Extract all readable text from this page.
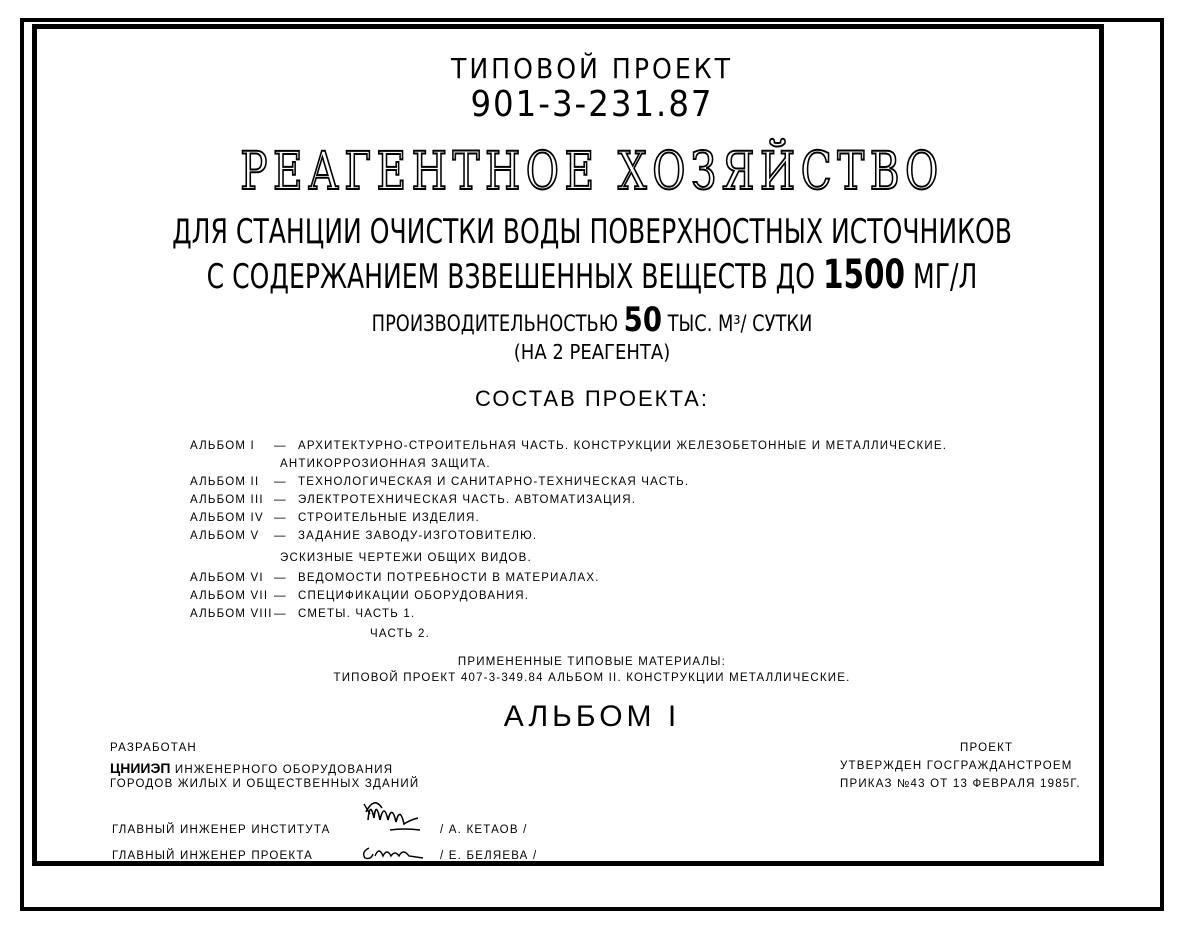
ТИПОВОЙ ПРОЕКТ
901-3-231.87
РЕАГЕНТНОЕ ХОЗЯЙСТВО
ДЛЯ СТАНЦИИ ОЧИСТКИ ВОДЫ ПОВЕРХНОСТНЫХ ИСТОЧНИКОВ
С СОДЕРЖАНИЕМ ВЗВЕШЕННЫХ ВЕЩЕСТВ ДО 1500 МГ/Л
ПРОИЗВОДИТЕЛЬНОСТЬЮ 50 ТЫС. М³/ СУТКИ
(НА 2 РЕАГЕНТА)
СОСТАВ ПРОЕКТА:
АЛЬБОМ I — АРХИТЕКТУРНО-СТРОИТЕЛЬНАЯ ЧАСТЬ. КОНСТРУКЦИИ ЖЕЛЕЗОБЕТОННЫЕ И МЕТАЛЛИЧЕСКИЕ.
АНТИКОРРОЗИОННАЯ ЗАЩИТА.
АЛЬБОМ II — ТЕХНОЛОГИЧЕСКАЯ И САНИТАРНО-ТЕХНИЧЕСКАЯ ЧАСТЬ.
АЛЬБОМ III — ЭЛЕКТРОТЕХНИЧЕСКАЯ ЧАСТЬ. АВТОМАТИЗАЦИЯ.
АЛЬБОМ IV — СТРОИТЕЛЬНЫЕ ИЗДЕЛИЯ.
АЛЬБОМ V — ЗАДАНИЕ ЗАВОДУ-ИЗГОТОВИТЕЛЮ.
ЭСКИЗНЫЕ ЧЕРТЕЖИ ОБЩИХ ВИДОВ.
АЛЬБОМ VI — ВЕДОМОСТИ ПОТРЕБНОСТИ В МАТЕРИАЛАХ.
АЛЬБОМ VII — СПЕЦИФИКАЦИИ ОБОРУДОВАНИЯ.
АЛЬБОМ VIII— СМЕТЫ. ЧАСТЬ 1.
ЧАСТЬ 2.
ПРИМЕНЕННЫЕ ТИПОВЫЕ МАТЕРИАЛЫ:
ТИПОВОЙ ПРОЕКТ 407-3-349.84 АЛЬБОМ II. КОНСТРУКЦИИ МЕТАЛЛИЧЕСКИЕ.
АЛЬБОМ I
РАЗРАБОТАН
ЦНИИЭП ИНЖЕНЕРНОГО ОБОРУДОВАНИЯ
ГОРОДОВ ЖИЛЫХ И ОБЩЕСТВЕННЫХ ЗДАНИЙ
ПРОЕКТ
УТВЕРЖДЕН ГОСГРАЖДАНСТРОЕМ
ПРИКАЗ №43 ОТ 13 ФЕВРАЛЯ 1985Г.
ГЛАВНЫЙ ИНЖЕНЕР ИНСТИТУТА	/ А. КЕТАОВ /
ГЛАВНЫЙ ИНЖЕНЕР ПРОЕКТА	/ Е. БЕЛЯЕВА /
